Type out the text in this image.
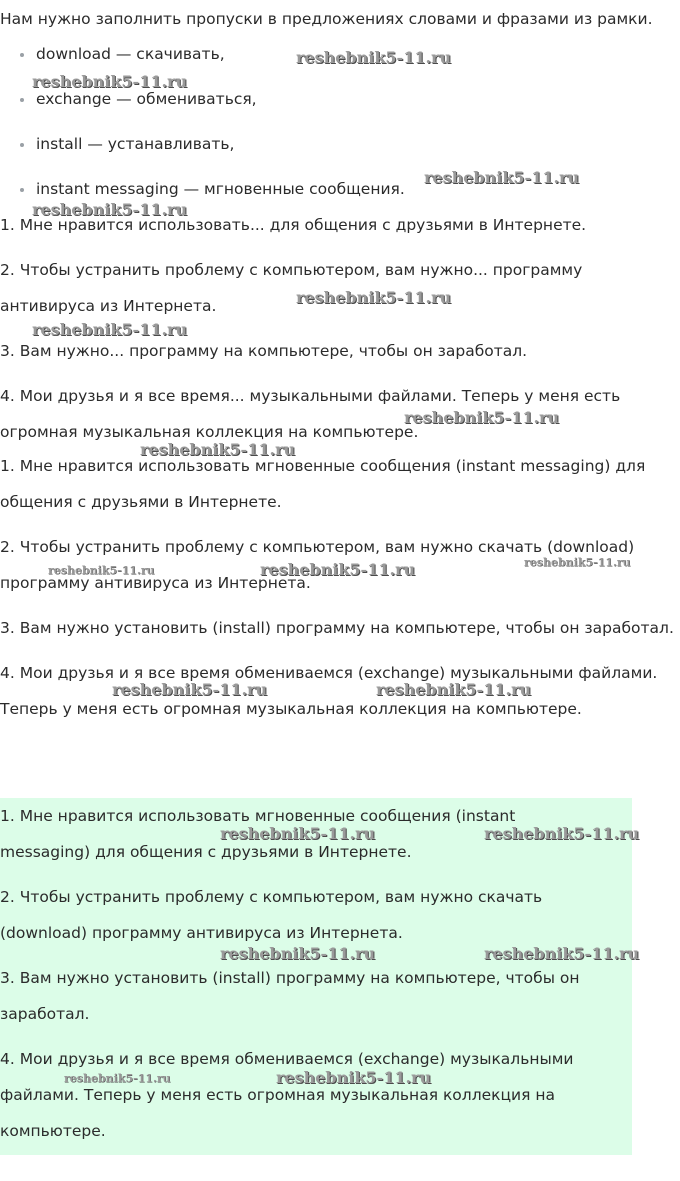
Нам нужно заполнить пропуски в предложениях словами и фразами из рамки.

download — скачивать,
exchange — обмениваться,
install — устанавливать,
instant messaging — мгновенные сообщения.

1. Мне нравится использовать... для общения с друзьями в Интернете.

2. Чтобы устранить проблему с компьютером, вам нужно... программу антивируса из Интернета.

3. Вам нужно... программу на компьютере, чтобы он заработал.

4. Мои друзья и я все время... музыкальными файлами. Теперь у меня есть огромная музыкальная коллекция на компьютере.

1. Мне нравится использовать мгновенные сообщения (instant messaging) для общения с друзьями в Интернете.

2. Чтобы устранить проблему с компьютером, вам нужно скачать (download) программу антивируса из Интернета.

3. Вам нужно установить (install) программу на компьютере, чтобы он заработал.

4. Мои друзья и я все время обмениваемся (exchange) музыкальными файлами. Теперь у меня есть огромная музыкальная коллекция на компьютере.

1. Мне нравится использовать мгновенные сообщения (instant messaging) для общения с друзьями в Интернете.

2. Чтобы устранить проблему с компьютером, вам нужно скачать (download) программу антивируса из Интернета.

3. Вам нужно установить (install) программу на компьютере, чтобы он заработал.

4. Мои друзья и я все время обмениваемся (exchange) музыкальными файлами. Теперь у меня есть огромная музыкальная коллекция на компьютере.

reshebnik5-11.ru
reshebnik5-11.ru
reshebnik5-11.ru
reshebnik5-11.ru
reshebnik5-11.ru
reshebnik5-11.ru
reshebnik5-11.ru
reshebnik5-11.ru
reshebnik5-11.ru	reshebnik5-11.ru	reshebnik5-11.ru
reshebnik5-11.ru	reshebnik5-11.ru
reshebnik5-11.ru	reshebnik5-11.ru
reshebnik5-11.ru	reshebnik5-11.ru
reshebnik5-11.ru	reshebnik5-11.ru
